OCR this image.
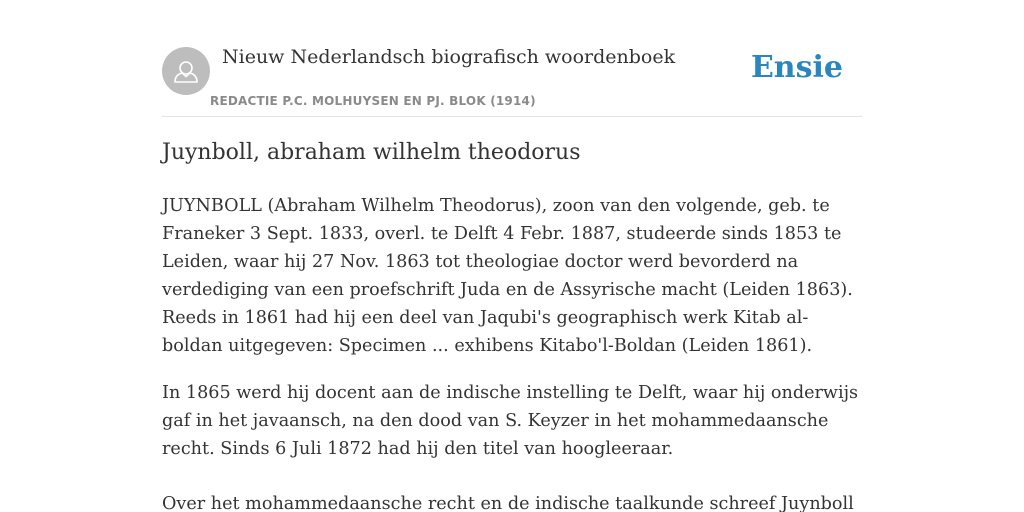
Nieuw Nederlandsch biografisch woordenboek
REDACTIE P.C. MOLHUYSEN EN PJ. BLOK (1914)
Ensie
Juynboll, abraham wilhelm theodorus

JUYNBOLL (Abraham Wilhelm Theodorus), zoon van den volgende, geb. te Franeker 3 Sept. 1833, overl. te Delft 4 Febr. 1887, studeerde sinds 1853 te Leiden, waar hij 27 Nov. 1863 tot theologiae doctor werd bevorderd na verdediging van een proefschrift Juda en de Assyrische macht (Leiden 1863). Reeds in 1861 had hij een deel van Jaqubi's geographisch werk Kitab al-boldan uitgegeven: Specimen ... exhibens Kitabo'l-Boldan (Leiden 1861).

In 1865 werd hij docent aan de indische instelling te Delft, waar hij onderwijs gaf in het javaansch, na den dood van S. Keyzer in het mohammedaansche recht. Sinds 6 Juli 1872 had hij den titel van hoogleeraar.

Over het mohammedaansche recht en de indische taalkunde schreef Juynboll
